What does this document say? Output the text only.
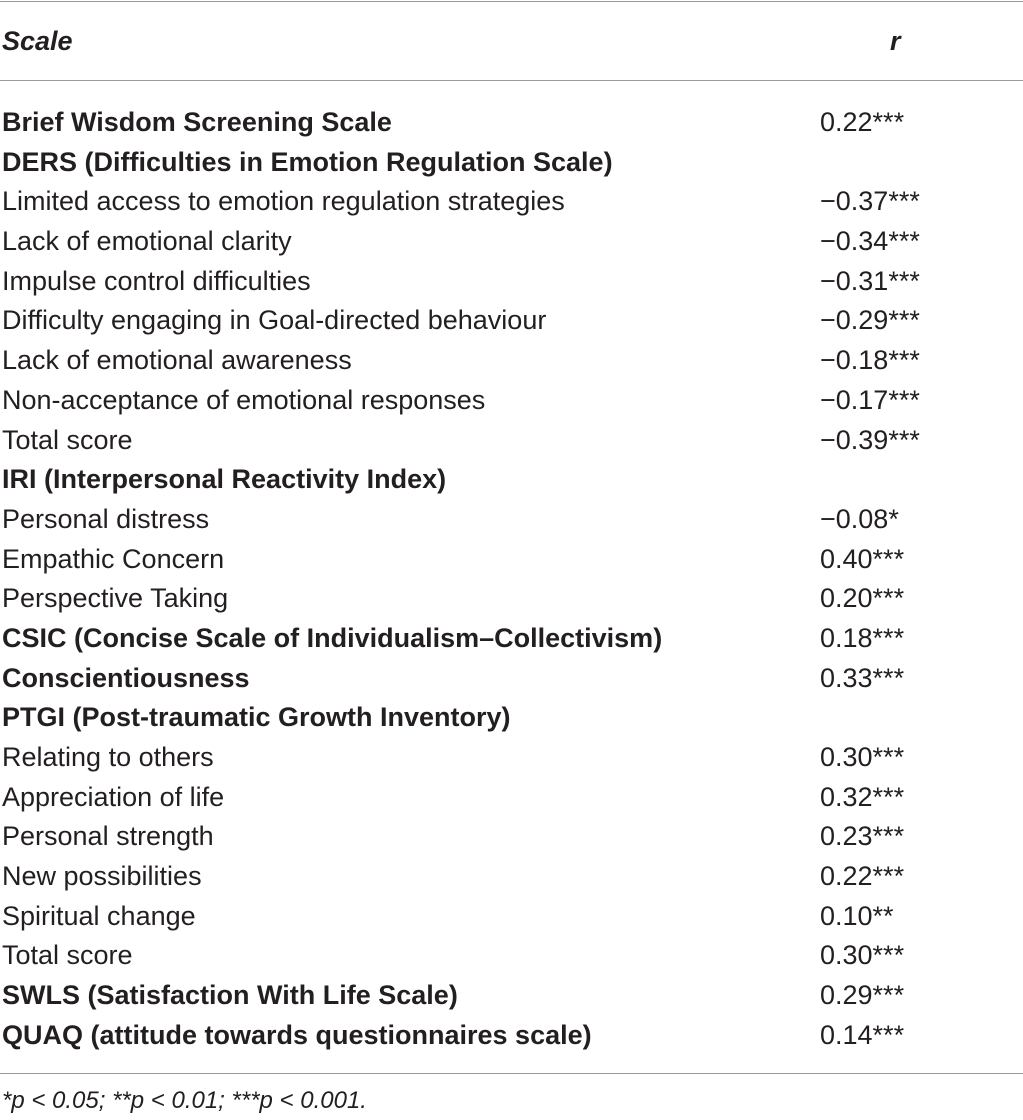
Scale	r
Brief Wisdom Screening Scale	0.22***
DERS (Difficulties in Emotion Regulation Scale)
Limited access to emotion regulation strategies	−0.37***
Lack of emotional clarity	−0.34***
Impulse control difficulties	−0.31***
Difficulty engaging in Goal-directed behaviour	−0.29***
Lack of emotional awareness	−0.18***
Non-acceptance of emotional responses	−0.17***
Total score	−0.39***
IRI (Interpersonal Reactivity Index)
Personal distress	−0.08*
Empathic Concern	0.40***
Perspective Taking	0.20***
CSIC (Concise Scale of Individualism–Collectivism)	0.18***
Conscientiousness	0.33***
PTGI (Post-traumatic Growth Inventory)
Relating to others	0.30***
Appreciation of life	0.32***
Personal strength	0.23***
New possibilities	0.22***
Spiritual change	0.10**
Total score	0.30***
SWLS (Satisfaction With Life Scale)	0.29***
QUAQ (attitude towards questionnaires scale)	0.14***
*p < 0.05; **p < 0.01; ***p < 0.001.
